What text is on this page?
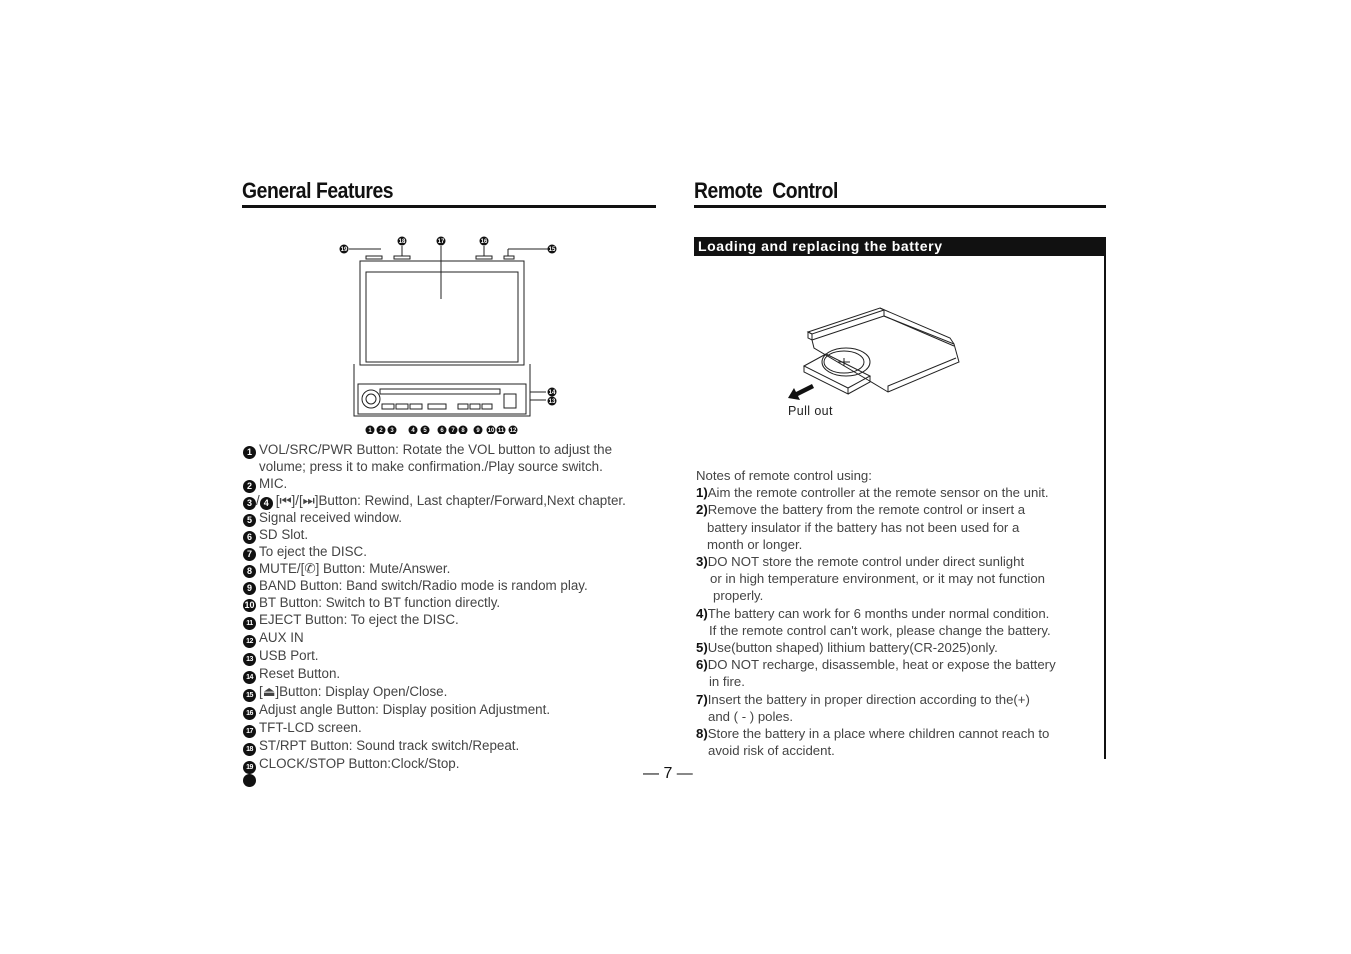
General Features
19
18	17	16
15
14
13
1 2 3	4 5 6 7 8 9 10 11 12
1 VOL/SRC/PWR Button: Rotate the VOL button to adjust the
volume; press it to make confirmation./Play source switch.
2 MIC.
3 / 4 [⏮]/[⏭]Button: Rewind, Last chapter/Forward,Next chapter.
5 Signal received window.
6 SD Slot.
7 To eject the DISC.
8 MUTE/[✆] Button: Mute/Answer.
9 BAND Button: Band switch/Radio mode is random play.
10 BT Button: Switch to BT function directly.
11 EJECT Button: To eject the DISC.
12 AUX IN
13 USB Port.
14 Reset Button.
15 [⏏]Button: Display Open/Close.
16 Adjust angle Button: Display position Adjustment.
17 TFT-LCD screen.
18 ST/RPT Button: Sound track switch/Repeat.
19 CLOCK/STOP Button:Clock/Stop.
Remote  Control
Loading and replacing the battery
Pull out
Notes of remote control using:
1)Aim the remote controller at the remote sensor on the unit.
2)Remove the battery from the remote control or insert a
battery insulator if the battery has not been used for a
month or longer.
3)DO NOT store the remote control under direct sunlight
or in high temperature environment, or it may not function
properly.
4)The battery can work for 6 months under normal condition.
If the remote control can't work, please change the battery.
5)Use(button shaped) lithium battery(CR-2025)only.
6)DO NOT recharge, disassemble, heat or expose the battery
in fire.
7)Insert the battery in proper direction according to the(+)
and ( - ) poles.
8)Store the battery in a place where children cannot reach to
avoid risk of accident.
— 7 —
